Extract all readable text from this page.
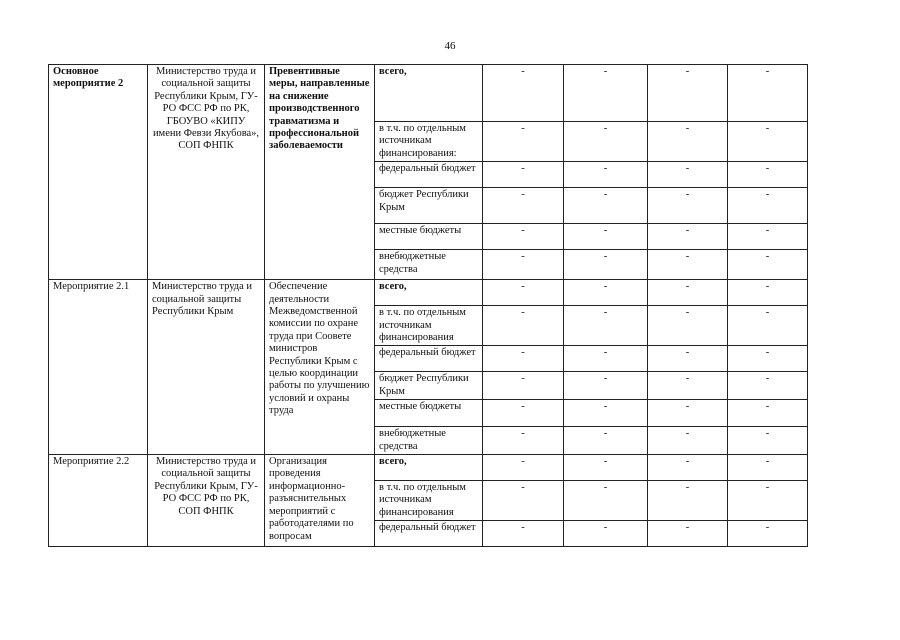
46
Основное мероприятие 2	Министерство труда и социальной защиты Республики Крым, ГУ-РО ФСС РФ по РК, ГБОУВО «КИПУ имени Февзи Якубова», СОП ФНПК	Превентивные меры, направленные на снижение производственного травматизма и профессиональной заболеваемости	всего,	-	-	-	-
			в т.ч. по отдельным источникам финансирования:	-	-	-	-
			федеральный бюджет	-	-	-	-
			бюджет Республики Крым	-	-	-	-
			местные бюджеты	-	-	-	-
			внебюджетные средства	-	-	-	-
Мероприятие 2.1	Министерство труда и социальной защиты Республики Крым	Обеспечение деятельности Межведомственной комиссии по охране труда при Соовете министров Республики Крым с целью координации работы по улучшению условий и охраны труда	всего,	-	-	-	-
			в т.ч. по отдельным источникам финансирования	-	-	-	-
			федеральный бюджет	-	-	-	-
			бюджет Республики Крым	-	-	-	-
			местные бюджеты	-	-	-	-
			внебюджетные средства	-	-	-	-
Мероприятие 2.2	Министерство труда и социальной защиты Республики Крым, ГУ-РО ФСС РФ по РК, СОП ФНПК	Организация проведения информационно-разъяснительных мероприятий с работодателями по вопросам	всего,	-	-	-	-
			в т.ч. по отдельным источникам финансирования	-	-	-	-
			федеральный бюджет	-	-	-	-
